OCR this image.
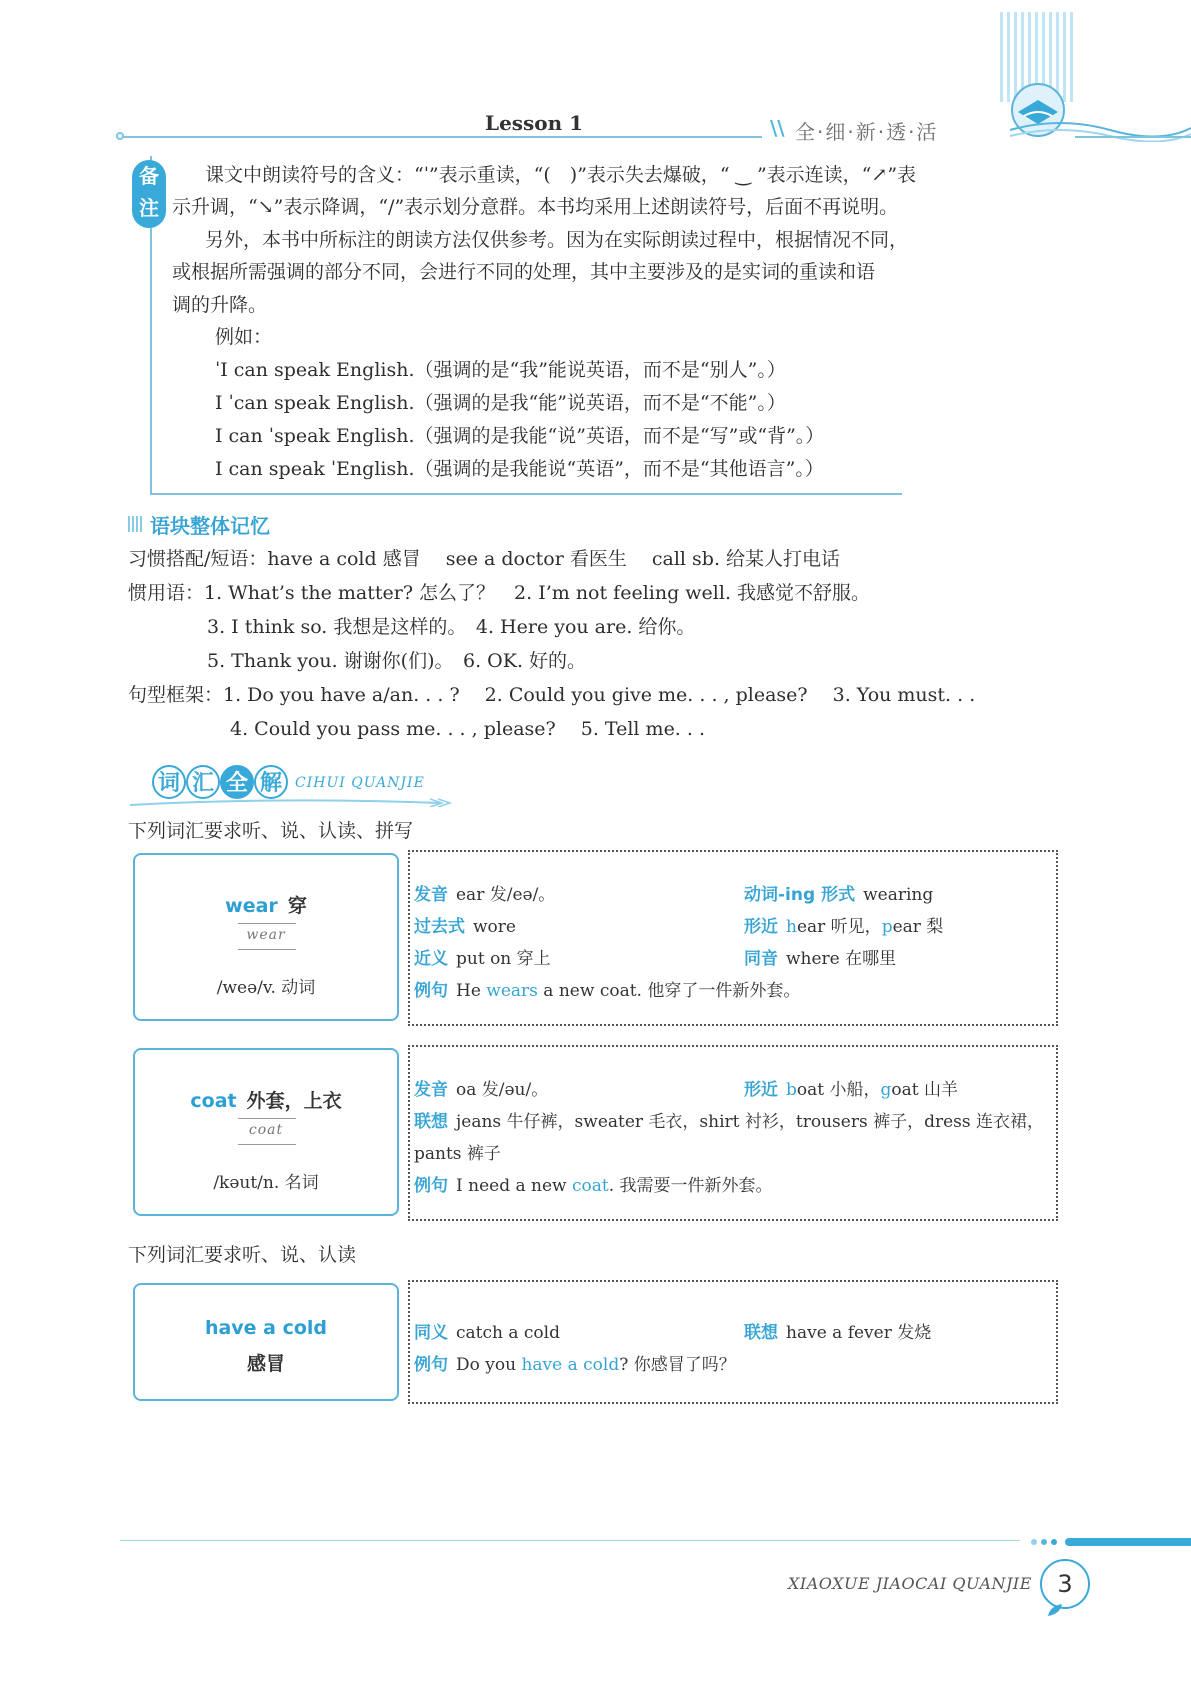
Lesson 1	\\ 全·细·新·透·活
备
注
课文中朗读符号的含义：“ˈ”表示重读，“(　)”表示失去爆破，“ ‿ ”表示连读，“↗”表
示升调，“↘”表示降调，“/”表示划分意群。本书均采用上述朗读符号，后面不再说明。
另外，本书中所标注的朗读方法仅供参考。因为在实际朗读过程中，根据情况不同，
或根据所需强调的部分不同，会进行不同的处理，其中主要涉及的是实词的重读和语
调的升降。
例如：
ˈI can speak English.（强调的是“我”能说英语，而不是“别人”。）
I ˈcan speak English.（强调的是我“能”说英语，而不是“不能”。）
I can ˈspeak English.（强调的是我能“说”英语，而不是“写”或“背”。）
I can speak ˈEnglish.（强调的是我能说“英语”，而不是“其他语言”。）
语块整体记忆
习惯搭配/短语：have a cold 感冒　 see a doctor 看医生　 call sb. 给某人打电话
惯用语：1. What’s the matter? 怎么了？　2. I’m not feeling well. 我感觉不舒服。
3. I think so. 我想是这样的。　4. Here you are. 给你。
5. Thank you. 谢谢你(们)。　6. OK. 好的。
句型框架：1. Do you have a/an. . . ?　 2. Could you give me. . . , please?　 3. You must. . .
4. Could you pass me. . . , please?　 5. Tell me. . .
词 汇 全 解 CIHUI QUANJIE
下列词汇要求听、说、认读、拼写
wear 穿
wear
/weə/v. 动词
发音 ear 发/eə/。	动词-ing 形式 wearing
过去式 wore	形近 hear 听见，pear 梨
近义 put on 穿上	同音 where 在哪里
例句 He wears a new coat. 他穿了一件新外套。
coat 外套，上衣
coat
/kəut/n. 名词
发音 oa 发/əu/。	形近 boat 小船，goat 山羊
联想 jeans 牛仔裤，sweater 毛衣，shirt 衬衫，trousers 裤子，dress 连衣裙，
pants 裤子
例句 I need a new coat. 我需要一件新外套。
下列词汇要求听、说、认读
have a cold
感冒
同义 catch a cold	联想 have a fever 发烧
例句 Do you have a cold? 你感冒了吗？
XIAOXUE JIAOCAI QUANJIE	3
